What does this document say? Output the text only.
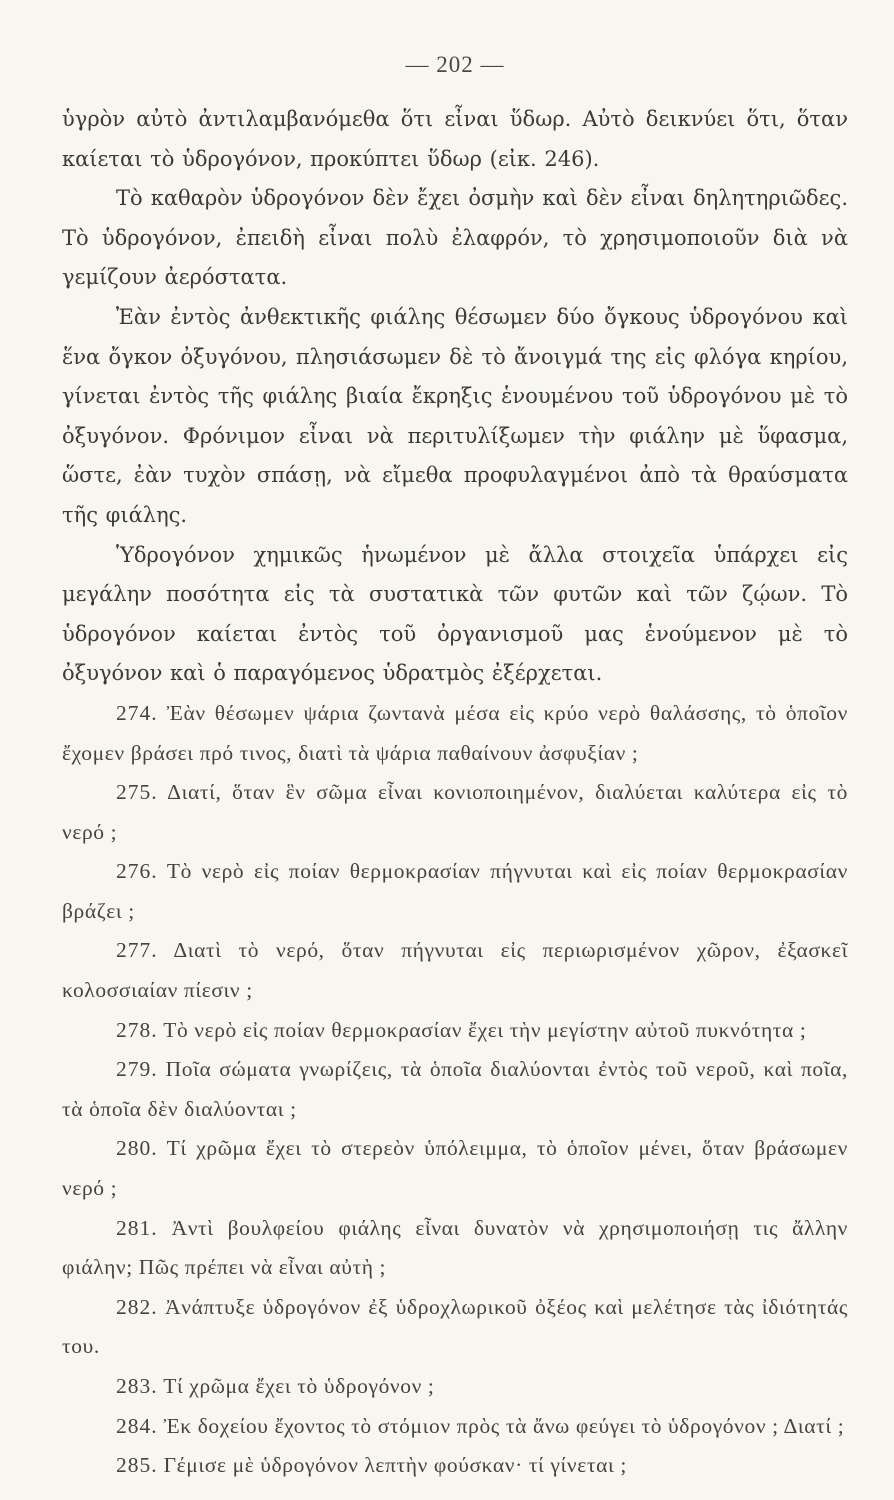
— 202 —

ὑγρὸν αὐτὸ ἀντιλαμβανόμεθα ὅτι εἶναι ὕδωρ. Αὐτὸ δεικνύει ὅτι, ὅταν καίεται τὸ ὑδρογόνον, προκύπτει ὕδωρ (εἰκ. 246).

Τὸ καθαρὸν ὑδρογόνον δὲν ἔχει ὀσμὴν καὶ δὲν εἶναι δηλητηριῶδες. Τὸ ὑδρογόνον, ἐπειδὴ εἶναι πολὺ ἐλαφρόν, τὸ χρησιμοποιοῦν διὰ νὰ γεμίζουν ἀερόστατα.

Ἐὰν ἐντὸς ἀνθεκτικῆς φιάλης θέσωμεν δύο ὄγκους ὑδρογόνου καὶ ἕνα ὄγκον ὀξυγόνου, πλησιάσωμεν δὲ τὸ ἄνοιγμά της εἰς φλόγα κηρίου, γίνεται ἐντὸς τῆς φιάλης βιαία ἔκρηξις ἑνουμένου τοῦ ὑδρογόνου μὲ τὸ ὀξυγόνον. Φρόνιμον εἶναι νὰ περιτυλίξωμεν τὴν φιάλην μὲ ὕφασμα, ὥστε, ἐὰν τυχὸν σπάσῃ, νὰ εἴμεθα προφυλαγμένοι ἀπὸ τὰ θραύσματα τῆς φιάλης.

Ὑδρογόνον χημικῶς ἡνωμένον μὲ ἄλλα στοιχεῖα ὑπάρχει εἰς μεγάλην ποσότητα εἰς τὰ συστατικὰ τῶν φυτῶν καὶ τῶν ζῴων. Τὸ ὑδρογόνον καίεται ἐντὸς τοῦ ὀργανισμοῦ μας ἑνούμενον μὲ τὸ ὀξυγόνον καὶ ὁ παραγόμενος ὑδρατμὸς ἐξέρχεται.

274. Ἐὰν θέσωμεν ψάρια ζωντανὰ μέσα εἰς κρύο νερὸ θαλάσσης, τὸ ὁποῖον ἔχομεν βράσει πρό τινος, διατὶ τὰ ψάρια παθαίνουν ἀσφυξίαν ;

275. Διατί, ὅταν ἓν σῶμα εἶναι κονιοποιημένον, διαλύεται καλύτερα εἰς τὸ νερό ;

276. Τὸ νερὸ εἰς ποίαν θερμοκρασίαν πήγνυται καὶ εἰς ποίαν θερμοκρασίαν βράζει ;

277. Διατὶ τὸ νερό, ὅταν πήγνυται εἰς περιωρισμένον χῶρον, ἐξασκεῖ κολοσσιαίαν πίεσιν ;

278. Τὸ νερὸ εἰς ποίαν θερμοκρασίαν ἔχει τὴν μεγίστην αὐτοῦ πυκνότητα ;

279. Ποῖα σώματα γνωρίζεις, τὰ ὁποῖα διαλύονται ἐντὸς τοῦ νεροῦ, καὶ ποῖα, τὰ ὁποῖα δὲν διαλύονται ;

280. Τί χρῶμα ἔχει τὸ στερεὸν ὑπόλειμμα, τὸ ὁποῖον μένει, ὅταν βράσωμεν νερό ;

281. Ἀντὶ βουλφείου φιάλης εἶναι δυνατὸν νὰ χρησιμοποιήσῃ τις ἄλλην φιάλην; Πῶς πρέπει νὰ εἶναι αὐτὴ ;

282. Ἀνάπτυξε ὑδρογόνον ἐξ ὑδροχλωρικοῦ ὀξέος καὶ μελέτησε τὰς ἰδιότητάς του.

283. Τί χρῶμα ἔχει τὸ ὑδρογόνον ;

284. Ἐκ δοχείου ἔχοντος τὸ στόμιον πρὸς τὰ ἄνω φεύγει τὸ ὑδρογόνον ; Διατί ;

285. Γέμισε μὲ ὑδρογόνον λεπτὴν φούσκαν· τί γίνεται ;
